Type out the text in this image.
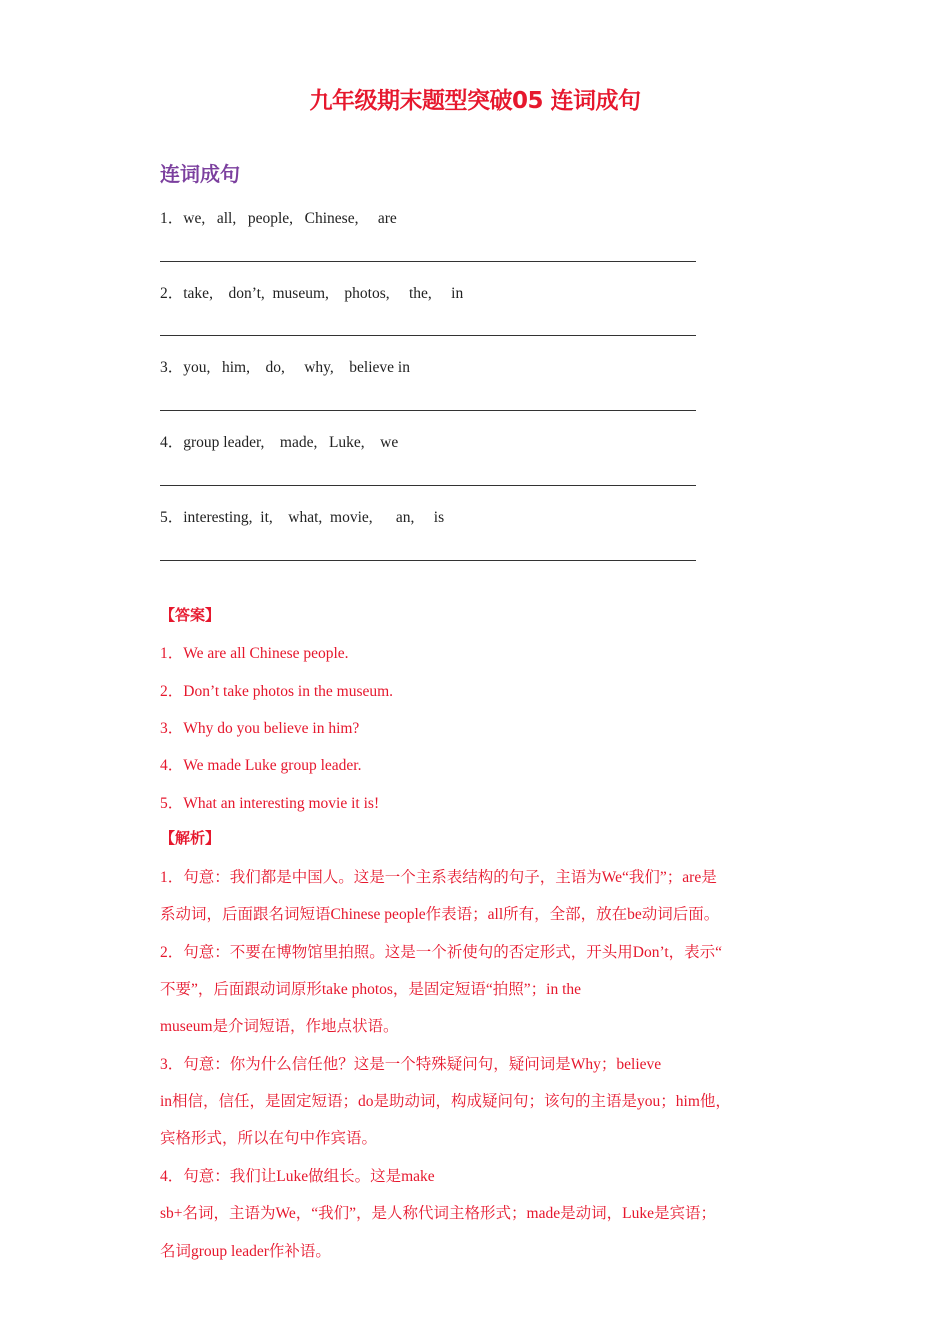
九年级期末题型突破05 连词成句
连词成句
1．we,   all,   people,   Chinese,     are
2．take,    don’t,  museum,    photos,     the,     in
3．you,   him,    do,     why,    believe in
4．group leader,    made,   Luke,    we
5．interesting,  it,    what,  movie,      an,     is
【答案】
1．We are all Chinese people.
2．Don’t take photos in the museum.
3．Why do you believe in him?
4．We made Luke group leader.
5．What an interesting movie it is!
【解析】
1．句意：我们都是中国人。这是一个主系表结构的句子，主语为We“我们”；are是
系动词，后面跟名词短语Chinese people作表语；all所有，全部，放在be动词后面。
2．句意：不要在博物馆里拍照。这是一个祈使句的否定形式，开头用Don’t，表示“
不要”，后面跟动词原形take photos，是固定短语“拍照”；in the
museum是介词短语，作地点状语。
3．句意：你为什么信任他？这是一个特殊疑问句，疑问词是Why；believe
in相信，信任，是固定短语；do是助动词，构成疑问句；该句的主语是you；him他，
宾格形式，所以在句中作宾语。
4．句意：我们让Luke做组长。这是make
sb+名词，主语为We，“我们”，是人称代词主格形式；made是动词，Luke是宾语；
名词group leader作补语。
